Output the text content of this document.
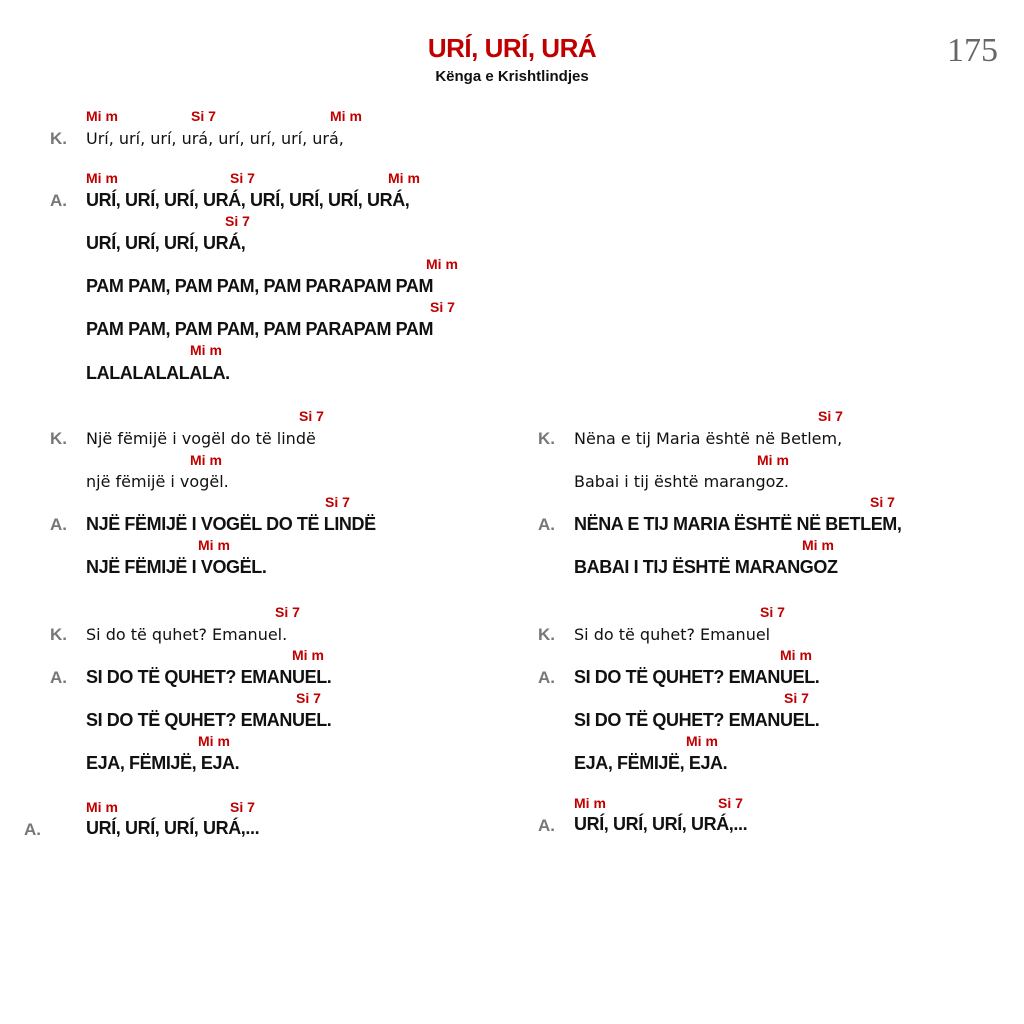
URÍ, URÍ, URÁ
Kënga e Krishtlindjes
175
Mi m	Si 7	Mi m
K. Urí, urí, urí, urá, urí, urí, urí, urá,
Mi m	Si 7	Mi m
A. URÍ, URÍ, URÍ, URÁ, URÍ, URÍ, URÍ, URÁ,
Si 7
URÍ, URÍ, URÍ, URÁ,
Mi m
PAM PAM, PAM PAM, PAM PARAPAM PAM
Si 7
PAM PAM, PAM PAM, PAM PARAPAM PAM
Mi m
LALALALALALA.
Si 7
K. Një fëmijë i vogël do të lindë
Mi m
një fëmijë i vogël.
Si 7
A. NJË FËMIJË I VOGËL DO TË LINDË
Mi m
NJË FËMIJË I VOGËL.
Si 7
K. Si do të quhet? Emanuel.
Mi m
A. SI DO TË QUHET? EMANUEL.
Si 7
SI DO TË QUHET? EMANUEL.
Mi m
EJA, FËMIJË, EJA.
Mi m	Si 7
A.	URÍ, URÍ, URÍ, URÁ,...
Si 7
K. Nëna e tij Maria është në Betlem,
Mi m
Babai i tij është marangoz.
Si 7
A. NËNA E TIJ MARIA ËSHTË NË BETLEM,
Mi m
BABAI I TIJ ËSHTË MARANGOZ
Si 7
K. Si do të quhet? Emanuel
Mi m
A. SI DO TË QUHET? EMANUEL.
Si 7
SI DO TË QUHET? EMANUEL.
Mi m
EJA, FËMIJË, EJA.
Mi m	Si 7
A. URÍ, URÍ, URÍ, URÁ,...
